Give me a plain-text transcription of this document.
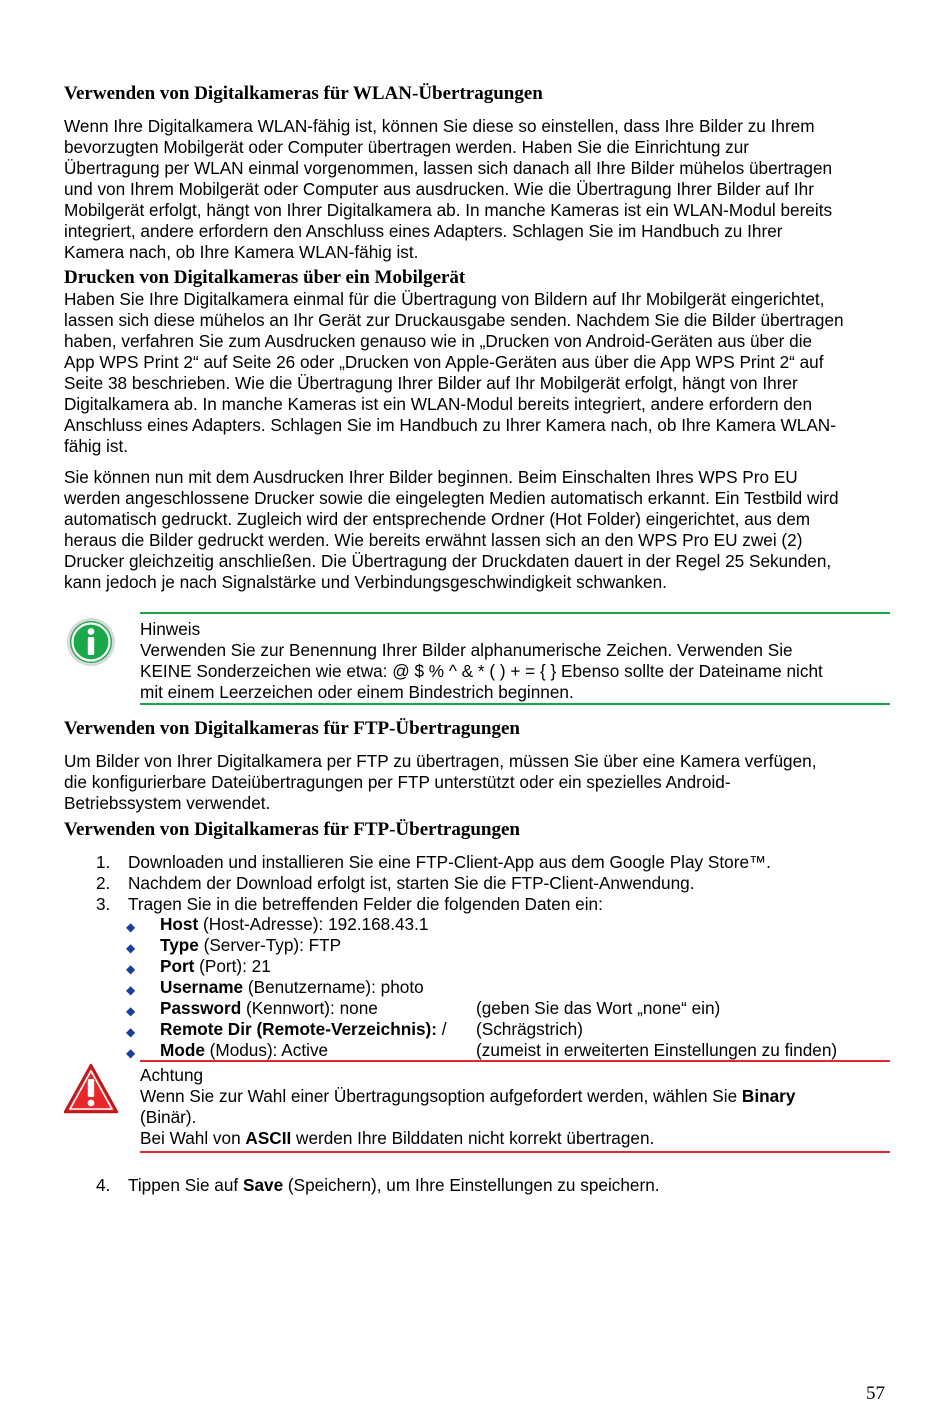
Verwenden von Digitalkameras für WLAN-Übertragungen

Wenn Ihre Digitalkamera WLAN-fähig ist, können Sie diese so einstellen, dass Ihre Bilder zu Ihrem

bevorzugten Mobilgerät oder Computer übertragen werden. Haben Sie die Einrichtung zur

Übertragung per WLAN einmal vorgenommen, lassen sich danach all Ihre Bilder mühelos übertragen

und von Ihrem Mobilgerät oder Computer aus ausdrucken. Wie die Übertragung Ihrer Bilder auf Ihr

Mobilgerät erfolgt, hängt von Ihrer Digitalkamera ab. In manche Kameras ist ein WLAN-Modul bereits

integriert, andere erfordern den Anschluss eines Adapters. Schlagen Sie im Handbuch zu Ihrer

Kamera nach, ob Ihre Kamera WLAN-fähig ist.

Drucken von Digitalkameras über ein Mobilgerät

Haben Sie Ihre Digitalkamera einmal für die Übertragung von Bildern auf Ihr Mobilgerät eingerichtet,

lassen sich diese mühelos an Ihr Gerät zur Druckausgabe senden. Nachdem Sie die Bilder übertragen

haben, verfahren Sie zum Ausdrucken genauso wie in „Drucken von Android-Geräten aus über die

App WPS Print 2“ auf Seite 26 oder „Drucken von Apple-Geräten aus über die App WPS Print 2“ auf

Seite 38 beschrieben. Wie die Übertragung Ihrer Bilder auf Ihr Mobilgerät erfolgt, hängt von Ihrer

Digitalkamera ab. In manche Kameras ist ein WLAN-Modul bereits integriert, andere erfordern den

Anschluss eines Adapters. Schlagen Sie im Handbuch zu Ihrer Kamera nach, ob Ihre Kamera WLAN-

fähig ist.

Sie können nun mit dem Ausdrucken Ihrer Bilder beginnen. Beim Einschalten Ihres WPS Pro EU

werden angeschlossene Drucker sowie die eingelegten Medien automatisch erkannt. Ein Testbild wird

automatisch gedruckt. Zugleich wird der entsprechende Ordner (Hot Folder) eingerichtet, aus dem

heraus die Bilder gedruckt werden. Wie bereits erwähnt lassen sich an den WPS Pro EU zwei (2)

Drucker gleichzeitig anschließen. Die Übertragung der Druckdaten dauert in der Regel 25 Sekunden,

kann jedoch je nach Signalstärke und Verbindungsgeschwindigkeit schwanken.

Hinweis

Verwenden Sie zur Benennung Ihrer Bilder alphanumerische Zeichen. Verwenden Sie

KEINE Sonderzeichen wie etwa: @ $ % ^ & * ( ) + = { } Ebenso sollte der Dateiname nicht

mit einem Leerzeichen oder einem Bindestrich beginnen.

Verwenden von Digitalkameras für FTP-Übertragungen

Um Bilder von Ihrer Digitalkamera per FTP zu übertragen, müssen Sie über eine Kamera verfügen,

die konfigurierbare Dateiübertragungen per FTP unterstützt oder ein spezielles Android-

Betriebssystem verwendet.

Verwenden von Digitalkameras für FTP-Übertragungen
1.	Downloaden und installieren Sie eine FTP-Client-App aus dem Google Play Store™.
2.	Nachdem der Download erfolgt ist, starten Sie die FTP-Client-Anwendung.
3.	Tragen Sie in die betreffenden Felder die folgenden Daten ein:
◆ Host (Host-Adresse): 192.168.43.1
◆ Type (Server-Typ): FTP
◆ Port (Port): 21
◆ Username (Benutzername): photo
◆ Password (Kennwort): none	(geben Sie das Wort „none“ ein)
◆ Remote Dir (Remote-Verzeichnis): / (Schrägstrich)
◆ Mode (Modus): Active	(zumeist in erweiterten Einstellungen zu finden)

Achtung

Wenn Sie zur Wahl einer Übertragungsoption aufgefordert werden, wählen Sie Binary

(Binär).

Bei Wahl von ASCII werden Ihre Bilddaten nicht korrekt übertragen.

4.	Tippen Sie auf Save (Speichern), um Ihre Einstellungen zu speichern.
57
